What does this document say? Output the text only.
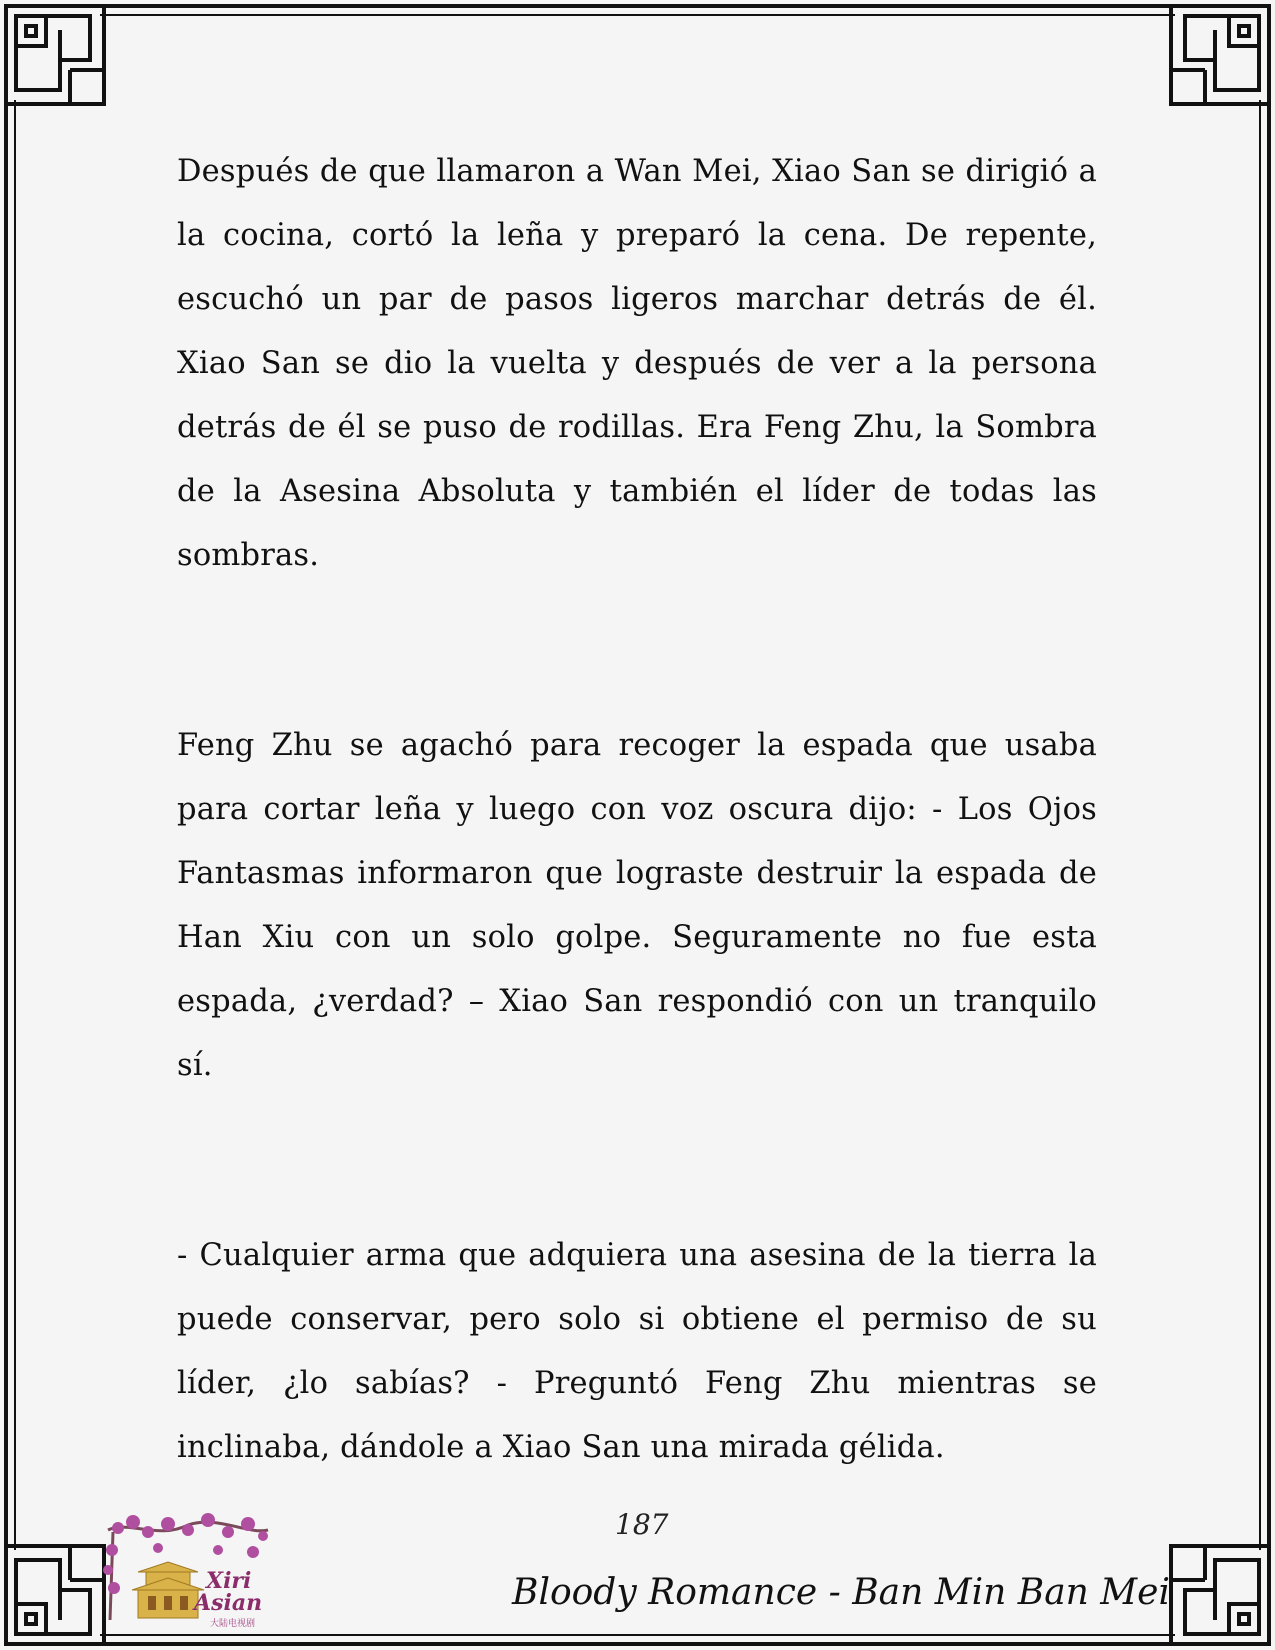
Después de que llamaron a Wan Mei, Xiao San se dirigió a la cocina, cortó la leña y preparó la cena. De repente, escuchó un par de pasos ligeros marchar detrás de él. Xiao San se dio la vuelta y después de ver a la persona detrás de él se puso de rodillas. Era Feng Zhu, la Sombra de la Asesina Absoluta y también el líder de todas las sombras.

Feng Zhu se agachó para recoger la espada que usaba para cortar leña y luego con voz oscura dijo: - Los Ojos Fantasmas informaron que lograste destruir la espada de Han Xiu con un solo golpe. Seguramente no fue esta espada, ¿verdad? – Xiao San respondió con un tranquilo sí.

- Cualquier arma que adquiera una asesina de la tierra la puede conservar, pero solo si obtiene el permiso de su líder, ¿lo sabías? - Preguntó Feng Zhu mientras se inclinaba, dándole a Xiao San una mirada gélida.

187
Bloody Romance - Ban Min Ban Mei
Xiri
Asian
大陆电视剧
